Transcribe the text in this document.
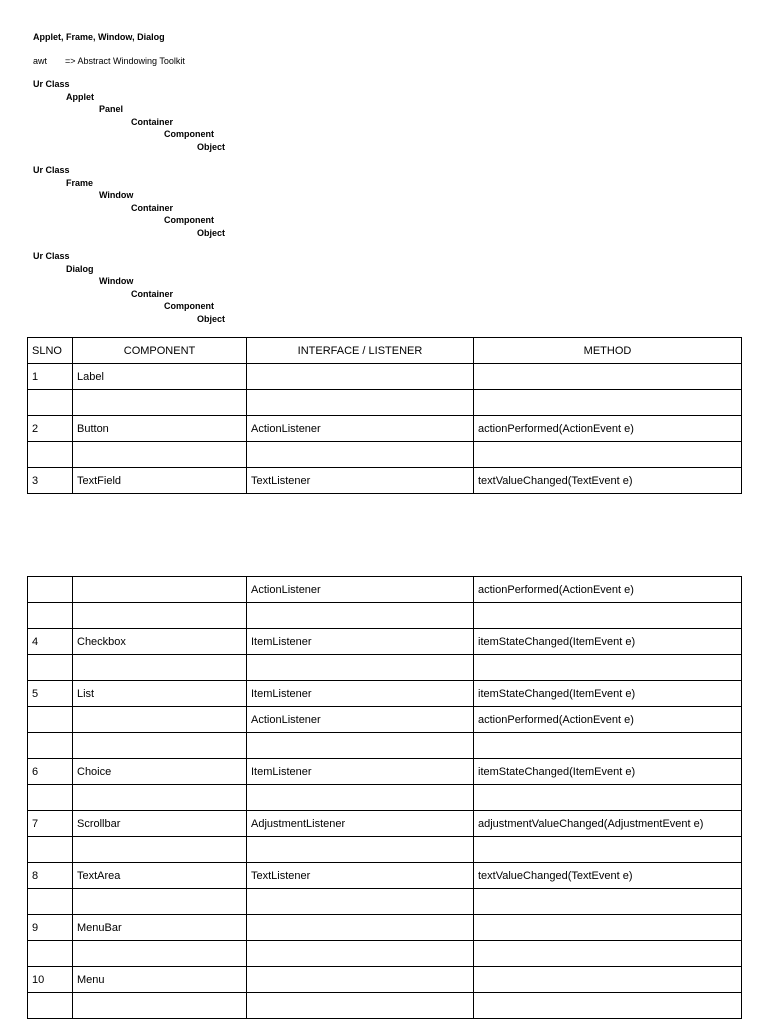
Applet, Frame, Window, Dialog
awt => Abstract Windowing Toolkit
Ur Class
Applet
Panel
Container
Component
Object
Ur Class
Frame
Window
Container
Component
Object
Ur Class
Dialog
Window
Container
Component
Object
SLNO	COMPONENT	INTERFACE / LISTENER	METHOD
1	Label		

2	Button	ActionListener	actionPerformed(ActionEvent e)

3	TextField	TextListener	textValueChanged(TextEvent e)
		ActionListener	actionPerformed(ActionEvent e)

4	Checkbox	ItemListener	itemStateChanged(ItemEvent e)

5	List	ItemListener	itemStateChanged(ItemEvent e)
		ActionListener	actionPerformed(ActionEvent e)

6	Choice	ItemListener	itemStateChanged(ItemEvent e)

7	Scrollbar	AdjustmentListener	adjustmentValueChanged(AdjustmentEvent e)

8	TextArea	TextListener	textValueChanged(TextEvent e)

9	MenuBar		

10	Menu		
